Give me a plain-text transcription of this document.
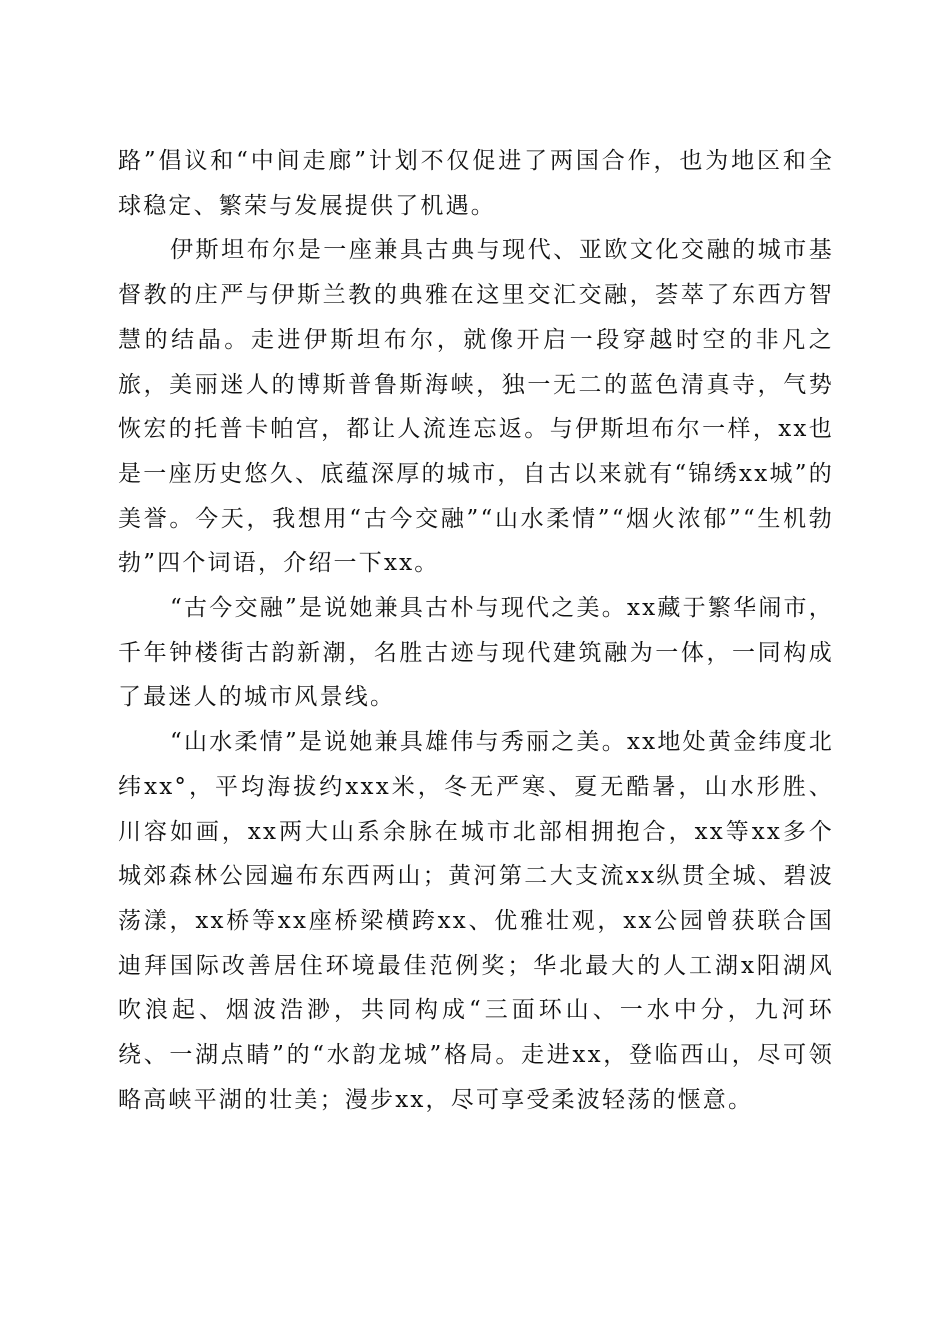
路”倡议和“中间走廊”计划不仅促进了两国合作，也为地区和全球稳定、繁荣与发展提供了机遇。

伊斯坦布尔是一座兼具古典与现代、亚欧文化交融的城市基督教的庄严与伊斯兰教的典雅在这里交汇交融，荟萃了东西方智慧的结晶。走进伊斯坦布尔，就像开启一段穿越时空的非凡之旅，美丽迷人的博斯普鲁斯海峡，独一无二的蓝色清真寺，气势恢宏的托普卡帕宫，都让人流连忘返。与伊斯坦布尔一样，xx也是一座历史悠久、底蕴深厚的城市，自古以来就有“锦绣xx城”的美誉。今天，我想用“古今交融”“山水柔情”“烟火浓郁”“生机勃勃”四个词语，介绍一下xx。

“古今交融”是说她兼具古朴与现代之美。xx藏于繁华闹市，千年钟楼街古韵新潮，名胜古迹与现代建筑融为一体，一同构成了最迷人的城市风景线。

“山水柔情”是说她兼具雄伟与秀丽之美。xx地处黄金纬度北纬xx°，平均海拔约xxx米，冬无严寒、夏无酷暑，山水形胜、川容如画，xx两大山系余脉在城市北部相拥抱合，xx等xx多个城郊森林公园遍布东西两山；黄河第二大支流xx纵贯全城、碧波荡漾，xx桥等xx座桥梁横跨xx、优雅壮观，xx公园曾获联合国迪拜国际改善居住环境最佳范例奖；华北最大的人工湖x阳湖风吹浪起、烟波浩渺，共同构成“三面环山、一水中分，九河环绕、一湖点睛”的“水韵龙城”格局。走进xx，登临西山，尽可领略高峡平湖的壮美；漫步xx，尽可享受柔波轻荡的惬意。
